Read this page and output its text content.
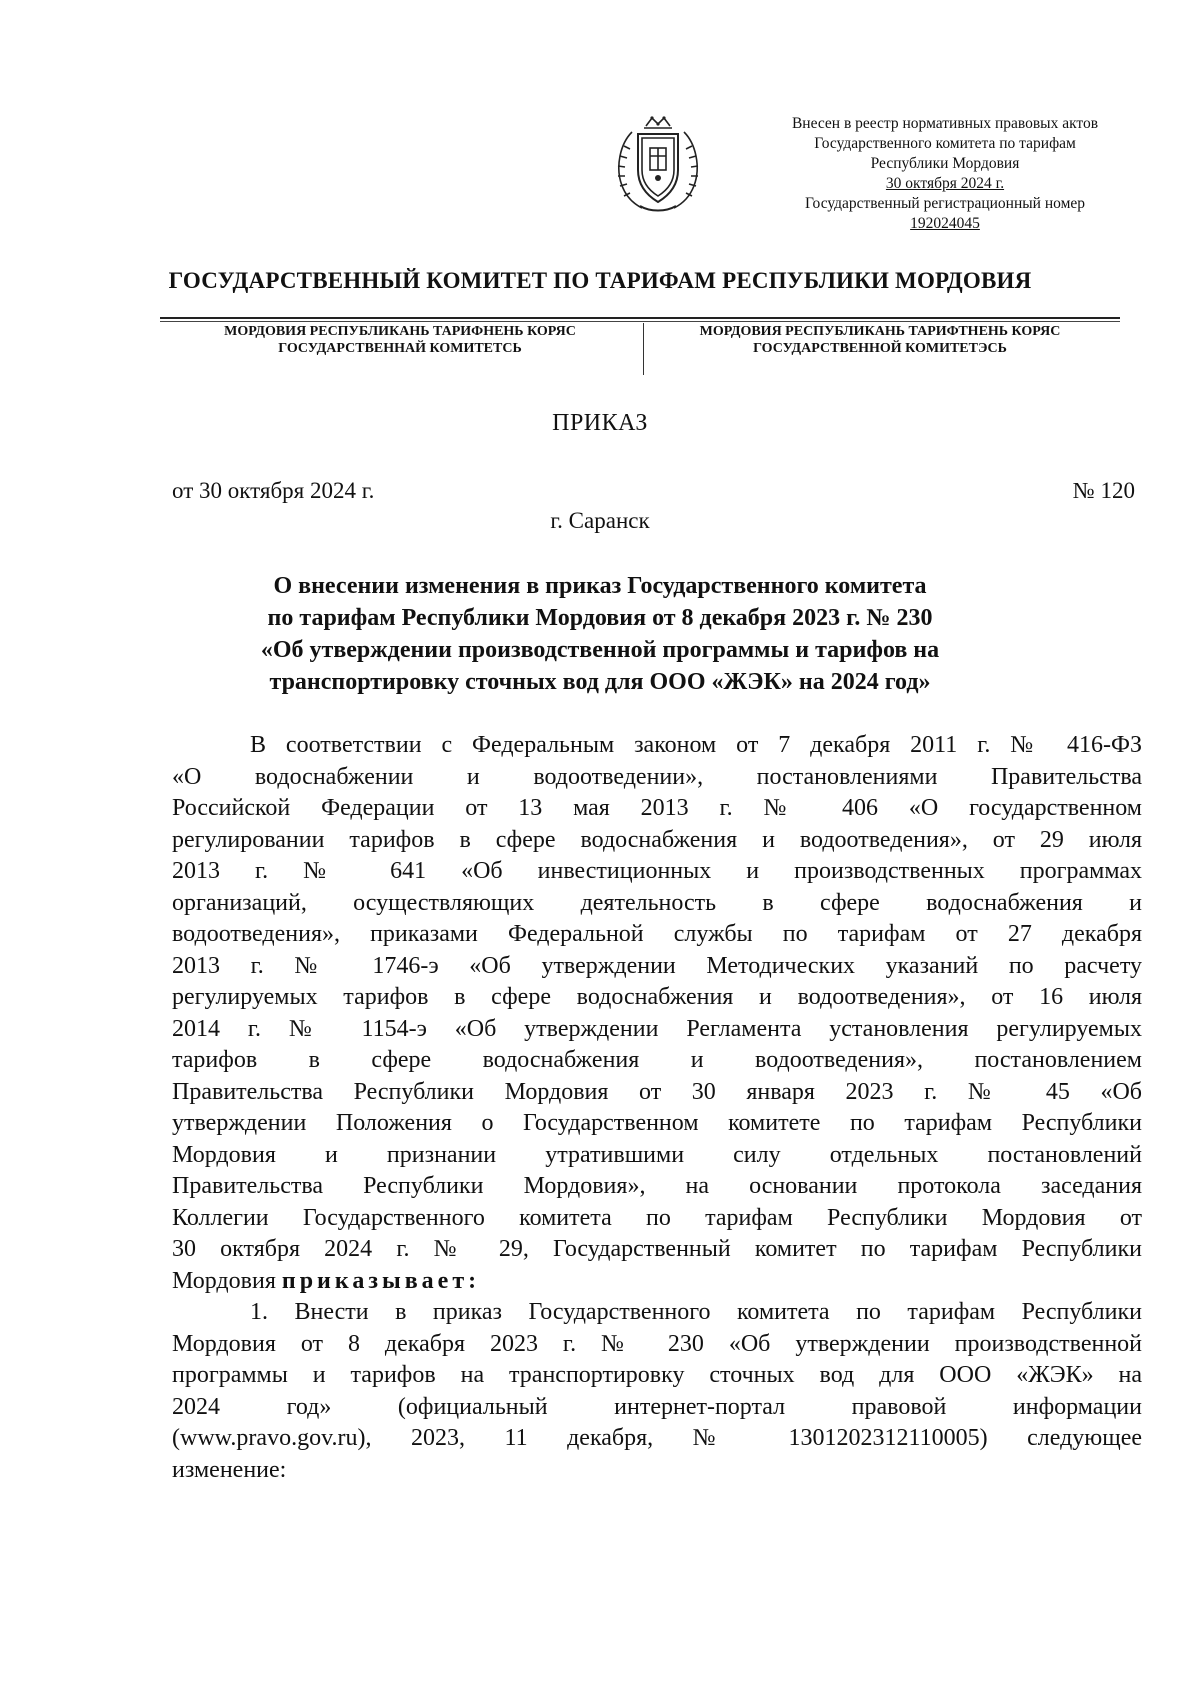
Внесен в реестр нормативных правовых актов
Государственного комитета по тарифам
Республики Мордовия
30 октября 2024 г.
Государственный регистрационный номер
192024045
ГОСУДАРСТВЕННЫЙ КОМИТЕТ ПО ТАРИФАМ РЕСПУБЛИКИ МОРДОВИЯ
МОРДОВИЯ РЕСПУБЛИКАНЬ ТАРИФНЕНЬ КОРЯС
ГОСУДАРСТВЕННАЙ КОМИТЕТСЬ
МОРДОВИЯ РЕСПУБЛИКАНЬ ТАРИФТНЕНЬ КОРЯС
ГОСУДАРСТВЕННОЙ КОМИТЕТЭСЬ
ПРИКАЗ
от 30 октября 2024 г.	№ 120
г. Саранск
О внесении изменения в приказ Государственного комитета
по тарифам Республики Мордовия от 8 декабря 2023 г. № 230
«Об утверждении производственной программы и тарифов на
транспортировку сточных вод для ООО «ЖЭК» на 2024 год»
В соответствии с Федеральным законом от 7 декабря 2011 г. № 416-ФЗ
«О водоснабжении и водоотведении», постановлениями Правительства
Российской Федерации от 13 мая 2013 г. № 406 «О государственном
регулировании тарифов в сфере водоснабжения и водоотведения», от 29 июля
2013 г. № 641 «Об инвестиционных и производственных программах
организаций, осуществляющих деятельность в сфере водоснабжения и
водоотведения», приказами Федеральной службы по тарифам от 27 декабря
2013 г. № 1746-э «Об утверждении Методических указаний по расчету
регулируемых тарифов в сфере водоснабжения и водоотведения», от 16 июля
2014 г. № 1154-э «Об утверждении Регламента установления регулируемых
тарифов в сфере водоснабжения и водоотведения», постановлением
Правительства Республики Мордовия от 30 января 2023 г. № 45 «Об
утверждении Положения о Государственном комитете по тарифам Республики
Мордовия и признании утратившими силу отдельных постановлений
Правительства Республики Мордовия», на основании протокола заседания
Коллегии Государственного комитета по тарифам Республики Мордовия от
30 октября 2024 г. № 29, Государственный комитет по тарифам Республики
Мордовия приказывает:
1. Внести в приказ Государственного комитета по тарифам Республики
Мордовия от 8 декабря 2023 г. № 230 «Об утверждении производственной
программы и тарифов на транспортировку сточных вод для ООО «ЖЭК» на
2024 год» (официальный интернет-портал правовой информации
(www.pravo.gov.ru), 2023, 11 декабря, № 1301202312110005) следующее
изменение:
